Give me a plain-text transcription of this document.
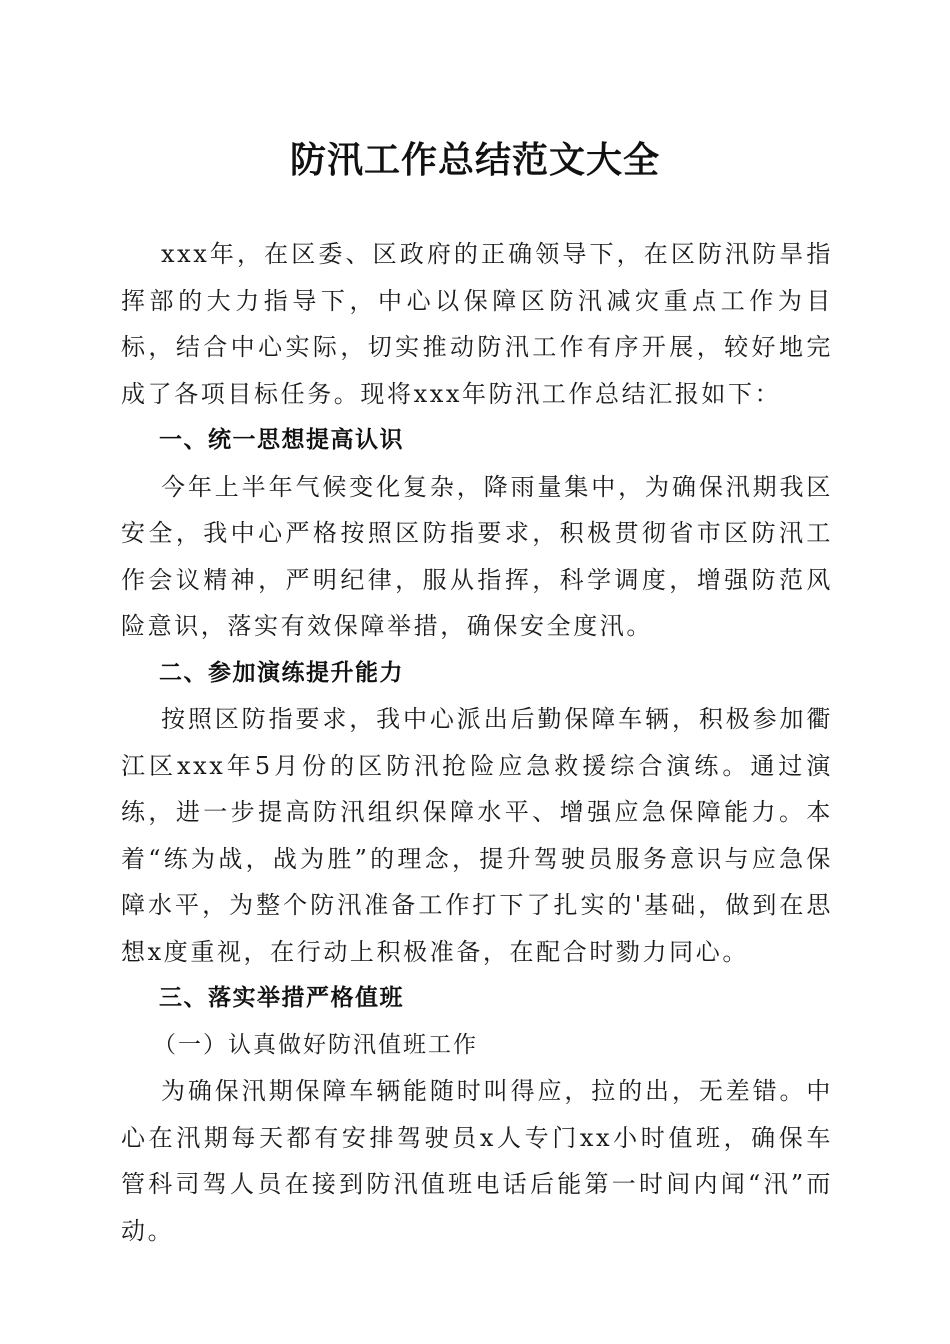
防汛工作总结范文大全

xxx年，在区委、区政府的正确领导下，在区防汛防旱指挥部的大力指导下，中心以保障区防汛减灾重点工作为目标，结合中心实际，切实推动防汛工作有序开展，较好地完成了各项目标任务。现将xxx年防汛工作总结汇报如下：

一、统一思想提高认识

今年上半年气候变化复杂，降雨量集中，为确保汛期我区安全，我中心严格按照区防指要求，积极贯彻省市区防汛工作会议精神，严明纪律，服从指挥，科学调度，增强防范风险意识，落实有效保障举措，确保安全度汛。

二、参加演练提升能力

按照区防指要求，我中心派出后勤保障车辆，积极参加衢江区xxx年5月份的区防汛抢险应急救援综合演练。通过演练，进一步提高防汛组织保障水平、增强应急保障能力。本着“练为战，战为胜”的理念，提升驾驶员服务意识与应急保障水平，为整个防汛准备工作打下了扎实的'基础，做到在思想x度重视，在行动上积极准备，在配合时勠力同心。

三、落实举措严格值班

（一）认真做好防汛值班工作

为确保汛期保障车辆能随时叫得应，拉的出，无差错。中心在汛期每天都有安排驾驶员x人专门xx小时值班，确保车管科司驾人员在接到防汛值班电话后能第一时间内闻“汛”而动。
